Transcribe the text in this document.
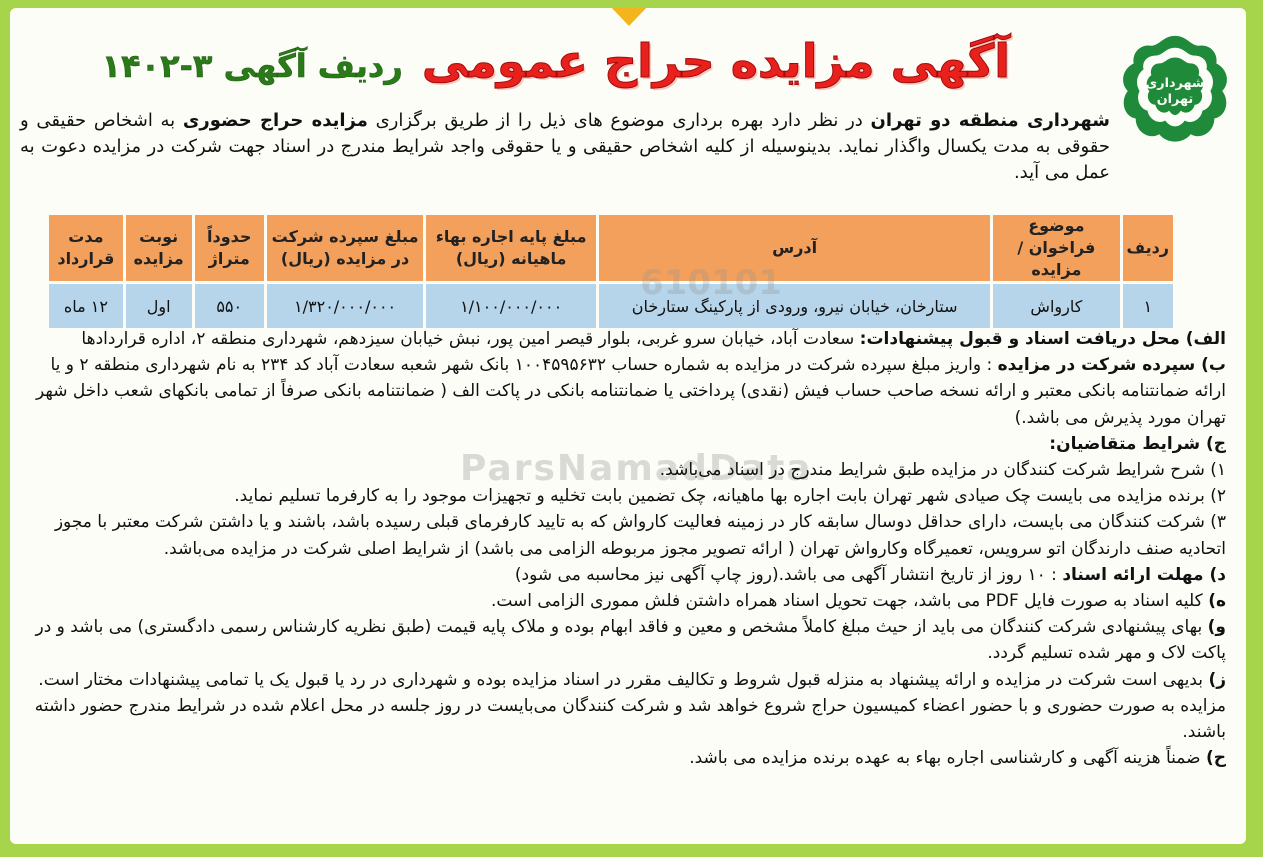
شهرداری
تهران
آگهی مزایده حراج عمومی ردیف آگهی ۳-۱۴۰۲
شهرداری منطقه دو تهران در نظر دارد بهره برداری موضوع های ذیل را از طریق برگزاری مزایده حراج حضوری به اشخاص حقیقی و حقوقی به مدت یکسال واگذار نماید. بدینوسیله از کلیه اشخاص حقیقی و یا حقوقی واجد شرایط مندرج در اسناد جهت شرکت در مزایده دعوت به عمل می آید.
ردیف	موضوع فراخوان / مزایده	آدرس	مبلغ پایه اجاره بهاء ماهیانه (ریال)	مبلغ سپرده شرکت در مزایده (ریال)	حدوداً متراژ	نوبت مزایده	مدت قرارداد
۱	کارواش	ستارخان، خیابان نیرو، ورودی از پارکینگ ستارخان	۱/۱۰۰/۰۰۰/۰۰۰	۱/۳۲۰/۰۰۰/۰۰۰	۵۵۰	اول	۱۲ ماه
610101
ParsNamadData

الف) محل دریافت اسناد و قبول پیشنهادات: سعادت آباد، خیابان سرو غربی، بلوار قیصر امین پور، نبش خیابان سیزدهم، شهرداری منطقه ۲، اداره قراردادها

ب) سپرده شرکت در مزایده : واریز مبلغ سپرده شرکت در مزایده به شماره حساب ۱۰۰۴۵۹۵۶۳۲ بانک شهر شعبه سعادت آباد کد ۲۳۴ به نام شهرداری منطقه ۲ و یا ارائه ضمانتنامه بانکی معتبر و ارائه نسخه صاحب حساب فیش (نقدی) پرداختی یا ضمانتنامه بانکی در پاکت الف ( ضمانتنامه بانکی صرفاً از تمامی بانکهای شعب داخل شهر تهران مورد پذیرش می باشد.)

ج) شرایط متقاضیان:

۱) شرح شرایط شرکت کنندگان در مزایده طبق شرایط مندرج در اسناد می‌باشد.

۲) برنده مزایده می بایست چک صیادی شهر تهران بابت اجاره بها ماهیانه، چک تضمین بابت تخلیه و تجهیزات موجود را به کارفرما تسلیم نماید.

۳) شرکت کنندگان می بایست، دارای حداقل دوسال سابقه کار در زمینه فعالیت کارواش که به تایید کارفرمای قبلی رسیده باشد، باشند و یا داشتن شرکت معتبر با مجوز اتحادیه صنف دارندگان اتو سرویس، تعمیرگاه وکارواش تهران ( ارائه تصویر مجوز مربوطه الزامی می باشد) از شرایط اصلی شرکت در مزایده می‌باشد.

د) مهلت ارائه اسناد : ۱۰ روز از تاریخ انتشار آگهی می باشد.(روز چاپ آگهی نیز محاسبه می شود)

ه) کلیه اسناد به صورت فایل PDF می باشد، جهت تحویل اسناد همراه داشتن فلش مموری الزامی است.

و) بهای پیشنهادی شرکت کنندگان می باید از حیث مبلغ کاملاً مشخص و معین و فاقد ابهام بوده و ملاک پایه قیمت (طبق نظریه کارشناس رسمی دادگستری) می باشد و در پاکت لاک و مهر شده تسلیم گردد.

ز) بدیهی است شرکت در مزایده و ارائه پیشنهاد به منزله قبول شروط و تکالیف مقرر در اسناد مزایده بوده و شهرداری در رد یا قبول یک یا تمامی پیشنهادات مختار است. مزایده به صورت حضوری و با حضور اعضاء کمیسیون حراج شروع خواهد شد و شرکت کنندگان می‌بایست در روز جلسه در محل اعلام شده در شرایط مندرج حضور داشته باشند.

ح) ضمناً هزینه آگهی و کارشناسی اجاره بهاء به عهده برنده مزایده می باشد.
